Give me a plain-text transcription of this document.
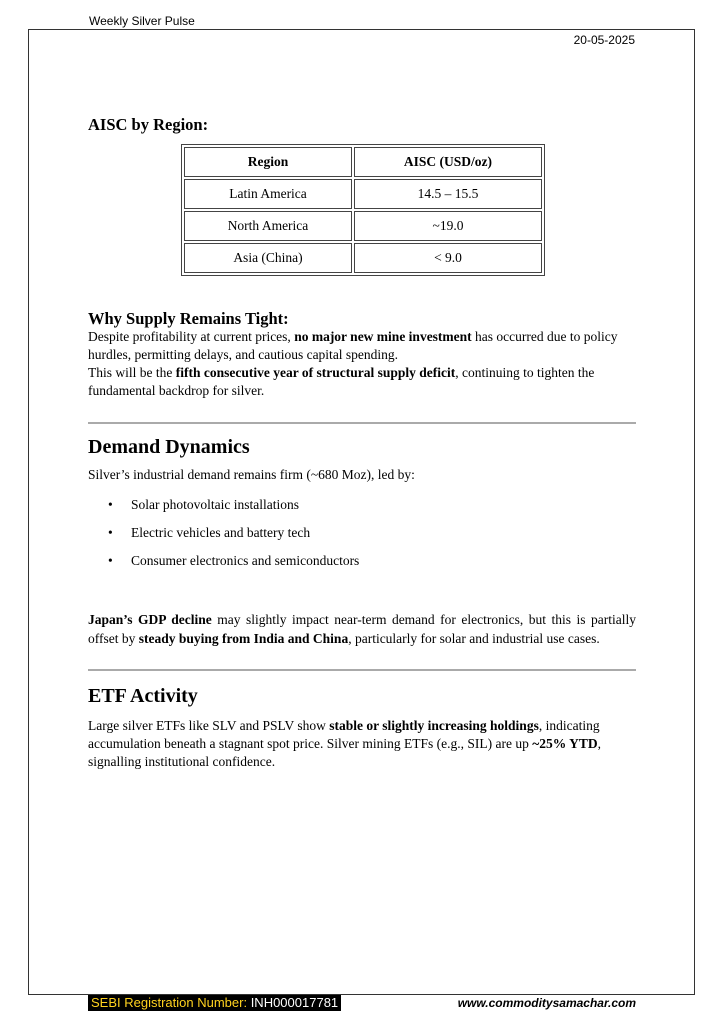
Weekly Silver Pulse
20-05-2025
AISC by Region:
Region	AISC (USD/oz)
Latin America	14.5 – 15.5
North America	~19.0
Asia (China)	< 9.0
Why Supply Remains Tight:

Despite profitability at current prices, no major new mine investment has occurred due to policy hurdles, permitting delays, and cautious capital spending.

This will be the fifth consecutive year of structural supply deficit, continuing to tighten the fundamental backdrop for silver.

Demand Dynamics

Silver’s industrial demand remains firm (~680 Moz), led by:

• Solar photovoltaic installations
• Electric vehicles and battery tech
• Consumer electronics and semiconductors

Japan’s GDP decline may slightly impact near-term demand for electronics, but this is partially offset by steady buying from India and China, particularly for solar and industrial use cases.

ETF Activity

Large silver ETFs like SLV and PSLV show stable or slightly increasing holdings, indicating accumulation beneath a stagnant spot price. Silver mining ETFs (e.g., SIL) are up ~25% YTD, signalling institutional confidence.

SEBI Registration Number: INH000017781	www.commoditysamachar.com
